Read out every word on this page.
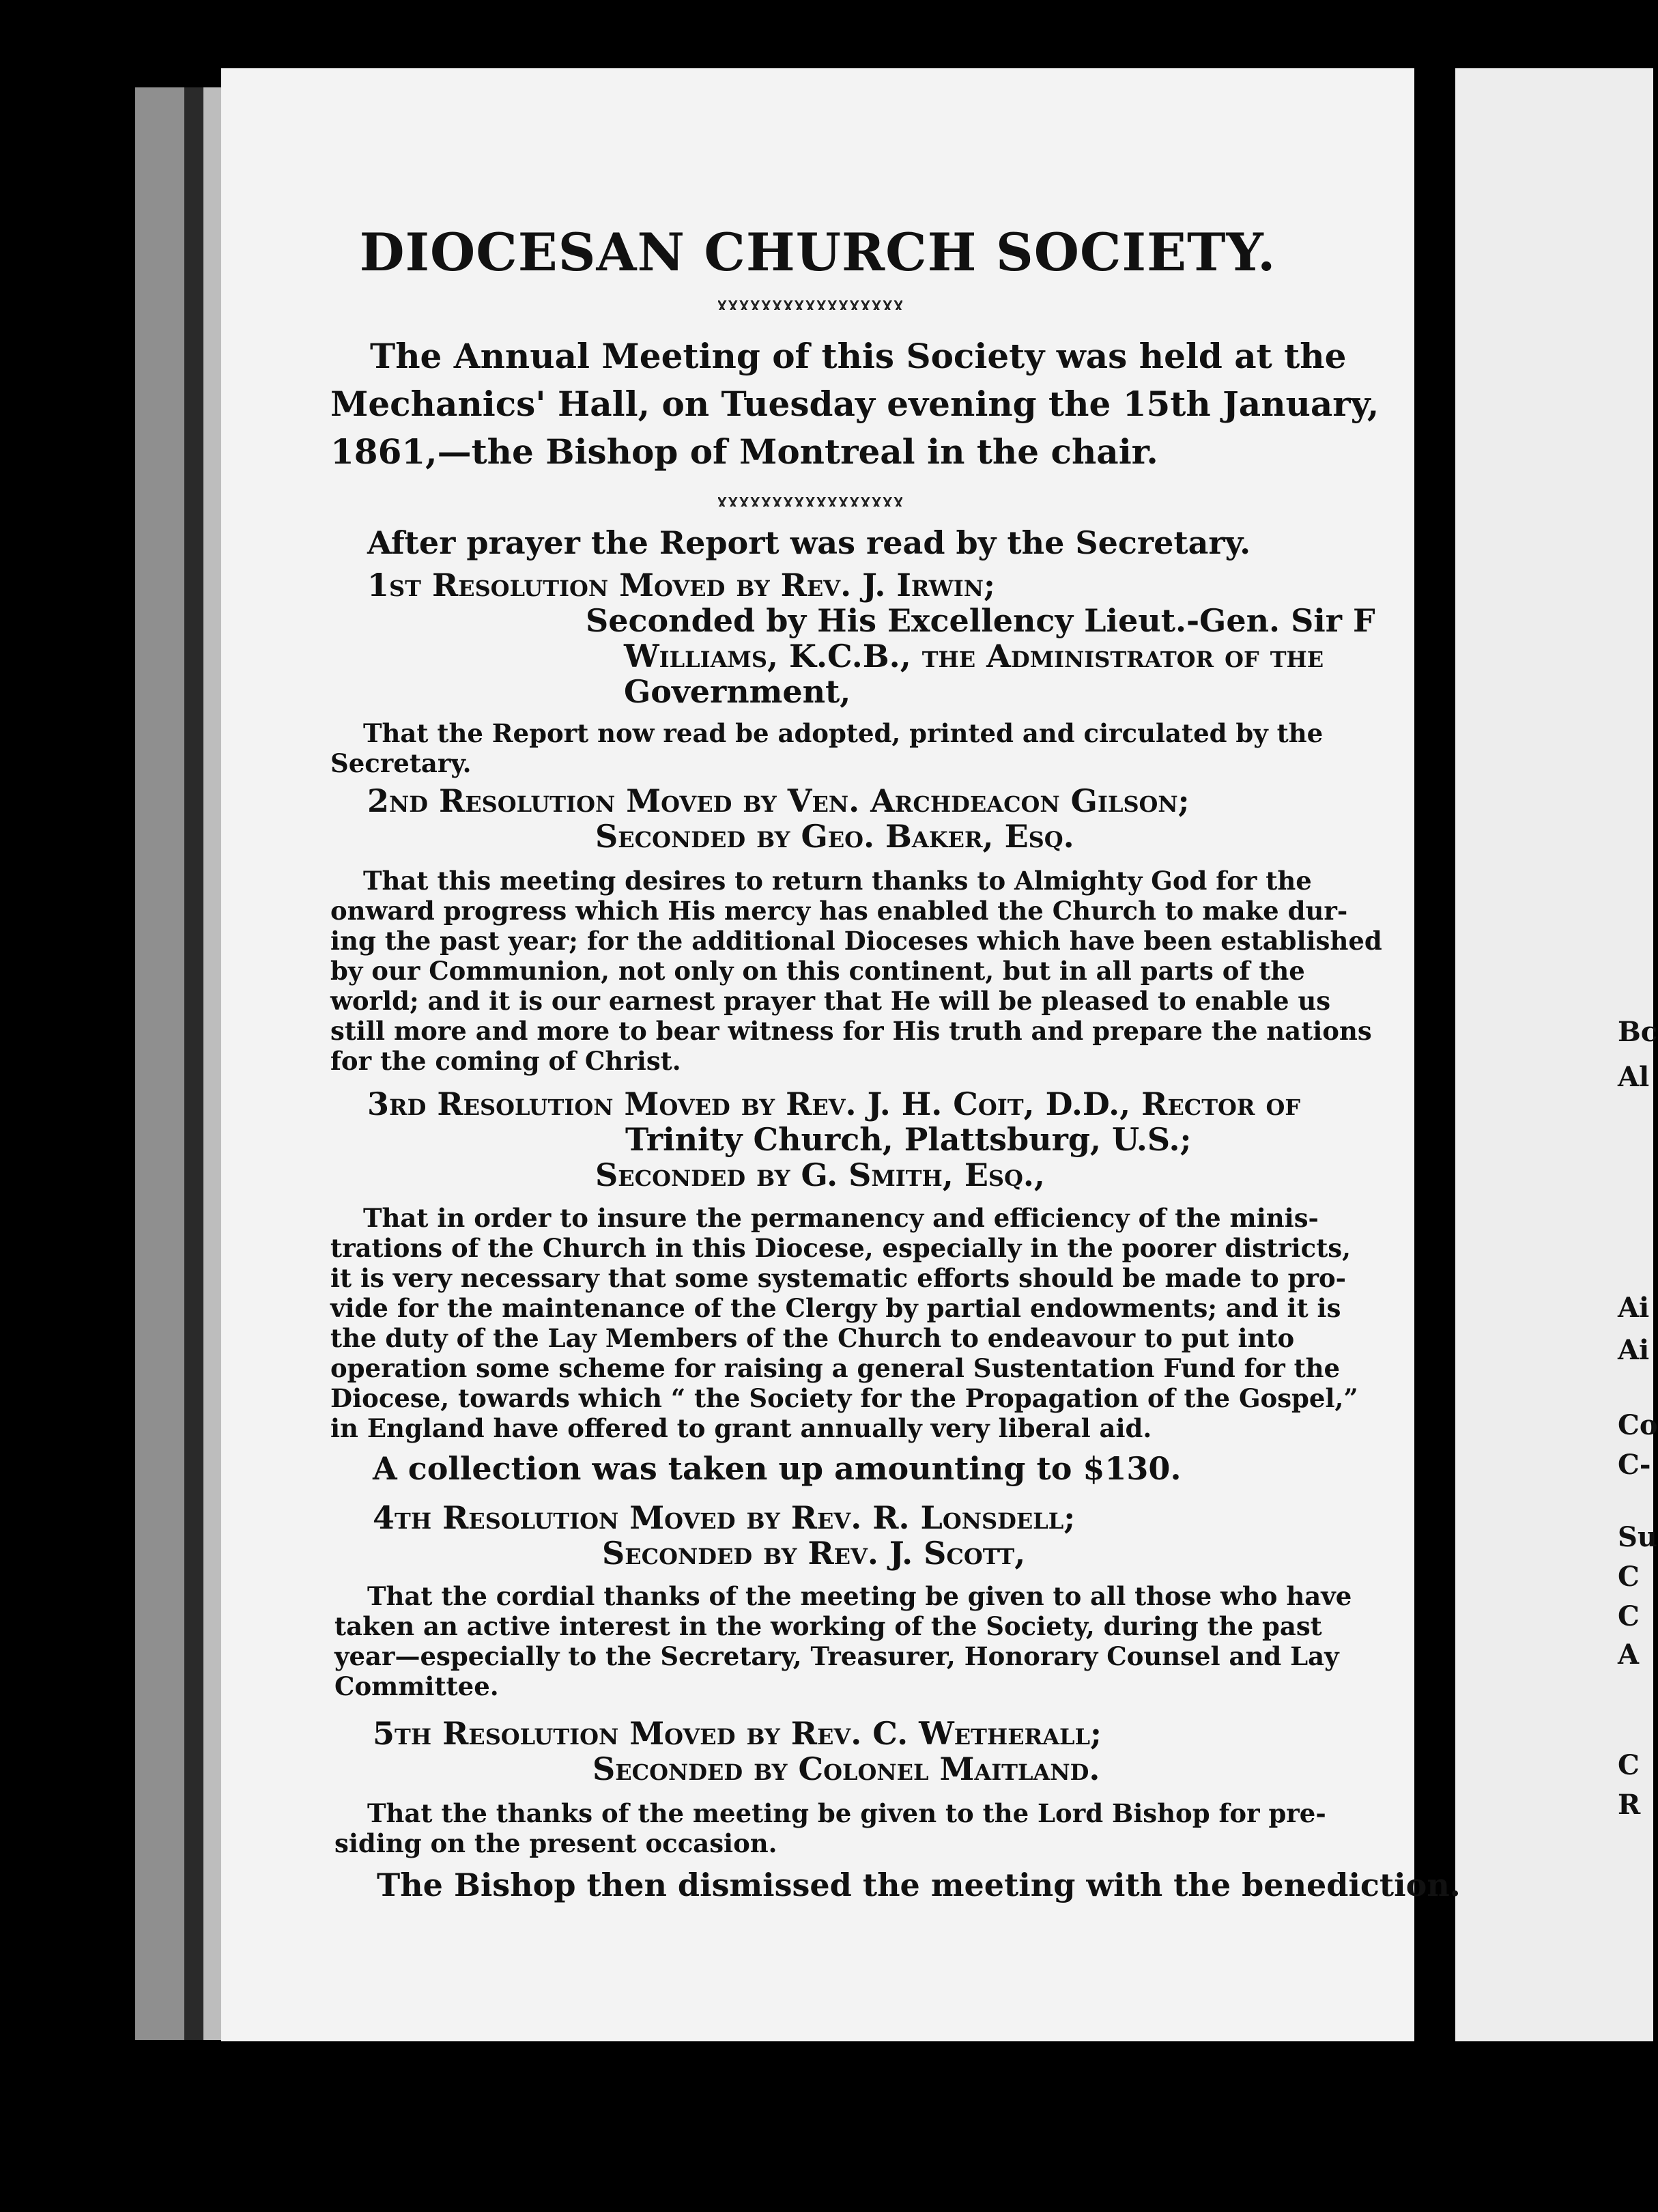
Bc
Al
Ai
Ai
Co
C-
Su
C
C
A
C
R
DIOCESAN CHURCH SOCIETY.

The Annual Meeting of this Society was held at the

Mechanics' Hall, on Tuesday evening the 15th January,

1861,—the Bishop of Montreal in the chair.

After prayer the Report was read by the Secretary.

1st Resolution Moved by Rev. J. Irwin;

Seconded by His Excellency Lieut.-Gen. Sir F

Williams, K.C.B., the Administrator of the

Government,

That the Report now read be adopted, printed and circulated by the

Secretary.

2nd Resolution Moved by Ven. Archdeacon Gilson;

Seconded by Geo. Baker, Esq.

That this meeting desires to return thanks to Almighty God for the

onward progress which His mercy has enabled the Church to make dur-

ing the past year; for the additional Dioceses which have been established

by our Communion, not only on this continent, but in all parts of the

world; and it is our earnest prayer that He will be pleased to enable us

still more and more to bear witness for His truth and prepare the nations

for the coming of Christ.

3rd Resolution Moved by Rev. J. H. Coit, D.D., Rector of

Trinity Church, Plattsburg, U.S.;

Seconded by G. Smith, Esq.,

That in order to insure the permanency and efficiency of the minis-

trations of the Church in this Diocese, especially in the poorer districts,

it is very necessary that some systematic efforts should be made to pro-

vide for the maintenance of the Clergy by partial endowments; and it is

the duty of the Lay Members of the Church to endeavour to put into

operation some scheme for raising a general Sustentation Fund for the

Diocese, towards which “ the Society for the Propagation of the Gospel,”

in England have offered to grant annually very liberal aid.

A collection was taken up amounting to $130.

4th Resolution Moved by Rev. R. Lonsdell;

Seconded by Rev. J. Scott,

That the cordial thanks of the meeting be given to all those who have

taken an active interest in the working of the Society, during the past

year—especially to the Secretary, Treasurer, Honorary Counsel and Lay

Committee.

5th Resolution Moved by Rev. C. Wetherall;

Seconded by Colonel Maitland.

That the thanks of the meeting be given to the Lord Bishop for pre-

siding on the present occasion.

The Bishop then dismissed the meeting with the benediction.
